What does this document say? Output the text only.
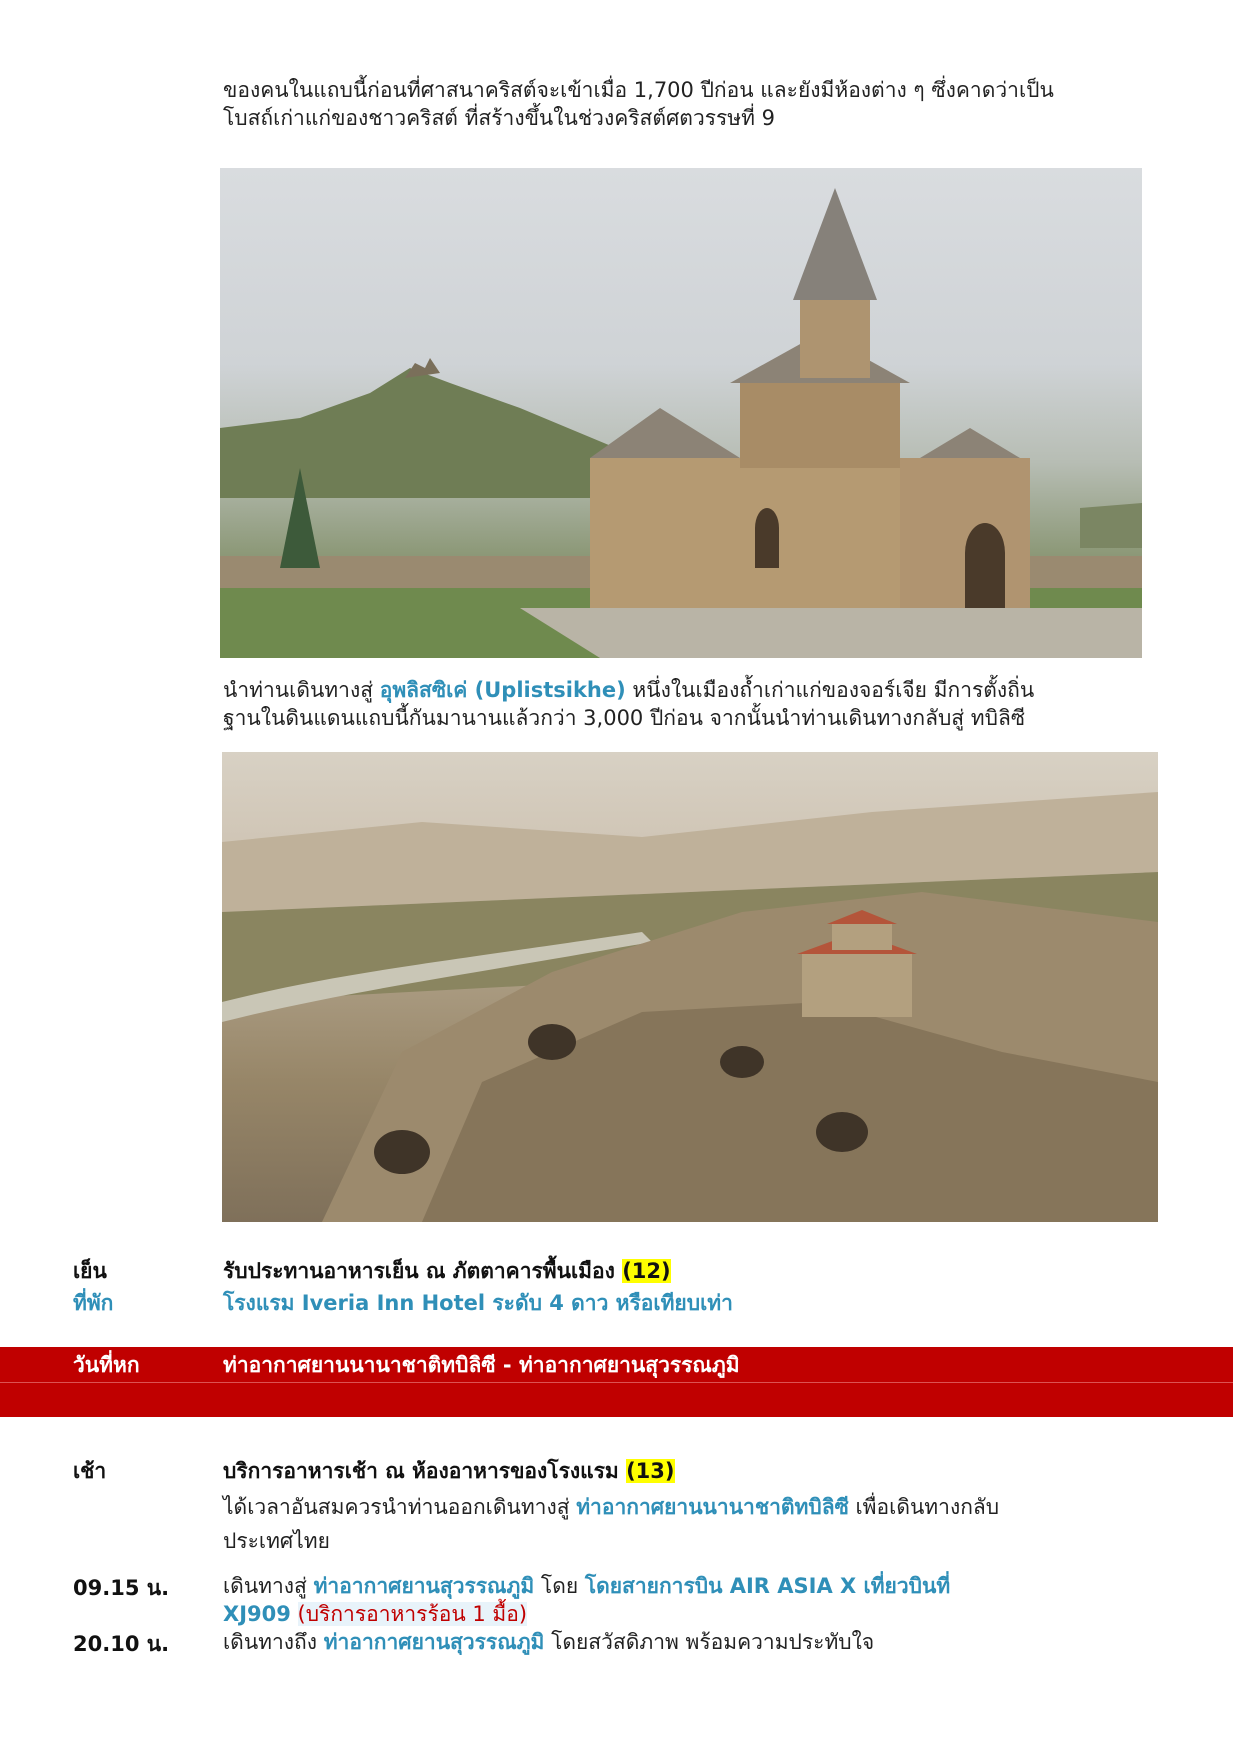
ของคนในแถบนี้ก่อนที่ศาสนาคริสต์จะเข้าเมื่อ 1,700 ปีก่อน และยังมีห้องต่าง ๆ ซึ่งคาดว่าเป็น
โบสถ์เก่าแก่ของชาวคริสต์ ที่สร้างขึ้นในช่วงคริสต์ศตวรรษที่ 9
นำท่านเดินทางสู่ อุพลิสซิเค่ (Uplistsikhe) หนึ่งในเมืองถ้ำเก่าแก่ของจอร์เจีย มีการตั้งถิ่น
ฐานในดินแดนแถบนี้กันมานานแล้วกว่า 3,000 ปีก่อน จากนั้นนำท่านเดินทางกลับสู่ ทบิลิซี
เย็น	รับประทานอาหารเย็น ณ ภัตตาคารพื้นเมือง (12)
ที่พัก	โรงแรม Iveria Inn Hotel ระดับ 4 ดาว หรือเทียบเท่า
วันที่หก	ท่าอากาศยานนานาชาติทบิลิซี - ท่าอากาศยานสุวรรณภูมิ
เช้า	บริการอาหารเช้า ณ ห้องอาหารของโรงแรม (13)
ได้เวลาอันสมควรนำท่านออกเดินทางสู่ ท่าอากาศยานนานาชาติทบิลิซี เพื่อเดินทางกลับ
ประเทศไทย
09.15 น.	เดินทางสู่ ท่าอากาศยานสุวรรณภูมิ โดย โดยสายการบิน AIR ASIA X เที่ยวบินที่
XJ909 (บริการอาหารร้อน 1 มื้อ)
20.10 น.	เดินทางถึง ท่าอากาศยานสุวรรณภูมิ โดยสวัสดิภาพ พร้อมความประทับใจ
